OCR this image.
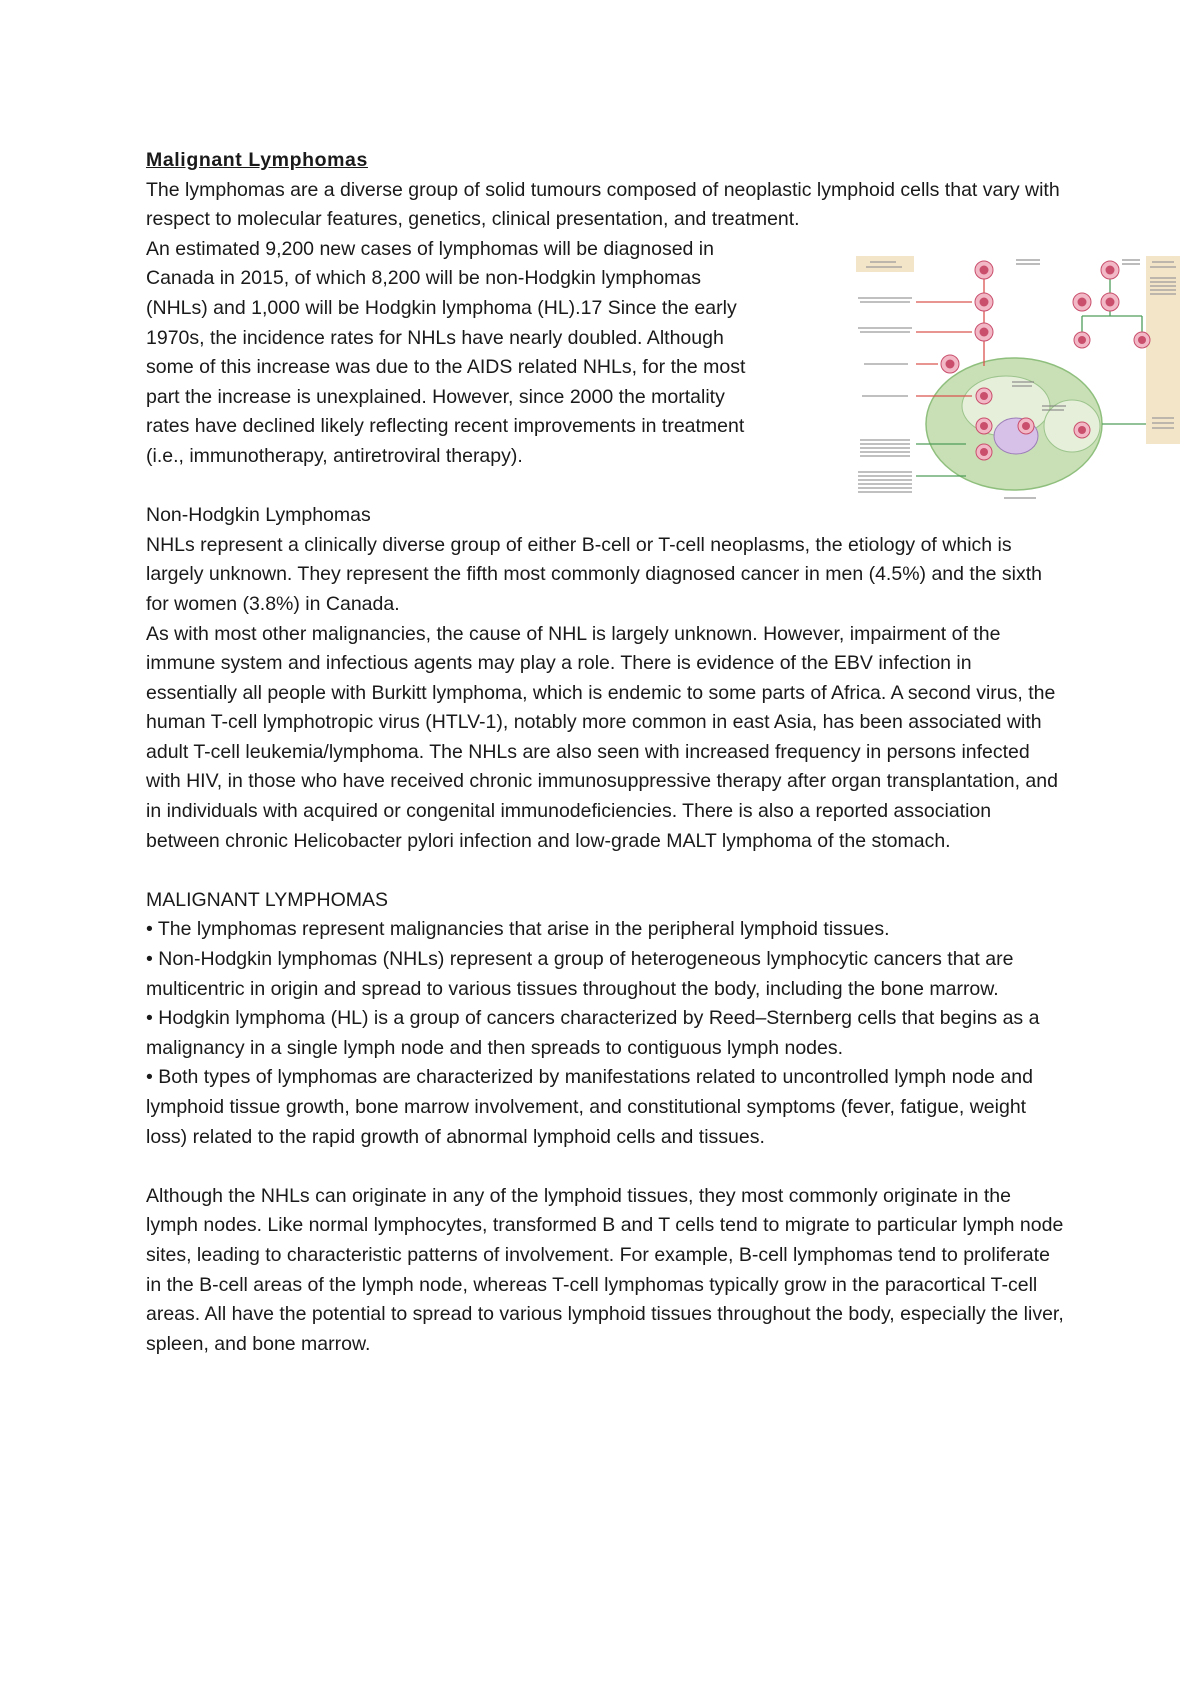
Malignant Lymphomas

The lymphomas are a diverse group of solid tumours composed of neoplastic lymphoid cells that vary with respect to molecular features, genetics, clinical presentation, and treatment.

An estimated 9,200 new cases of lymphomas will be diagnosed in
Canada in 2015, of which 8,200 will be non-Hodgkin lymphomas
(NHLs) and 1,000 will be Hodgkin lymphoma (HL).17 Since the early
1970s, the incidence rates for NHLs have nearly doubled. Although
some of this increase was due to the AIDS related NHLs, for the most
part the increase is unexplained. However, since 2000 the mortality
rates have declined likely reflecting recent improvements in treatment
(i.e., immunotherapy, antiretroviral therapy).

Non-Hodgkin Lymphomas

NHLs represent a clinically diverse group of either B-cell or T-cell neoplasms, the etiology of which is largely unknown. They represent the fifth most commonly diagnosed cancer in men (4.5%) and the sixth for women (3.8%) in Canada.

As with most other malignancies, the cause of NHL is largely unknown. However, impairment of the immune system and infectious agents may play a role. There is evidence of the EBV infection in essentially all people with Burkitt lymphoma, which is endemic to some parts of Africa. A second virus, the human T-cell lymphotropic virus (HTLV-1), notably more common in east Asia, has been associated with adult T-cell leukemia/lymphoma. The NHLs are also seen with increased frequency in persons infected with HIV, in those who have received chronic immunosuppressive therapy after organ transplantation, and in individuals with acquired or congenital immunodeficiencies. There is also a reported association between chronic Helicobacter pylori infection and low-grade MALT lymphoma of the stomach.

MALIGNANT LYMPHOMAS

• The lymphomas represent malignancies that arise in the peripheral lymphoid tissues.

• Non-Hodgkin lymphomas (NHLs) represent a group of heterogeneous lymphocytic cancers that are multicentric in origin and spread to various tissues throughout the body, including the bone marrow.

• Hodgkin lymphoma (HL) is a group of cancers characterized by Reed–Sternberg cells that begins as a malignancy in a single lymph node and then spreads to contiguous lymph nodes.

• Both types of lymphomas are characterized by manifestations related to uncontrolled lymph node and lymphoid tissue growth, bone marrow involvement, and constitutional symptoms (fever, fatigue, weight loss) related to the rapid growth of abnormal lymphoid cells and tissues.

Although the NHLs can originate in any of the lymphoid tissues, they most commonly originate in the lymph nodes. Like normal lymphocytes, transformed B and T cells tend to migrate to particular lymph node sites, leading to characteristic patterns of involvement. For example, B-cell lymphomas tend to proliferate in the B-cell areas of the lymph node, whereas T-cell lymphomas typically grow in the paracortical T-cell areas. All have the potential to spread to various lymphoid tissues throughout the body, especially the liver, spleen, and bone marrow.
